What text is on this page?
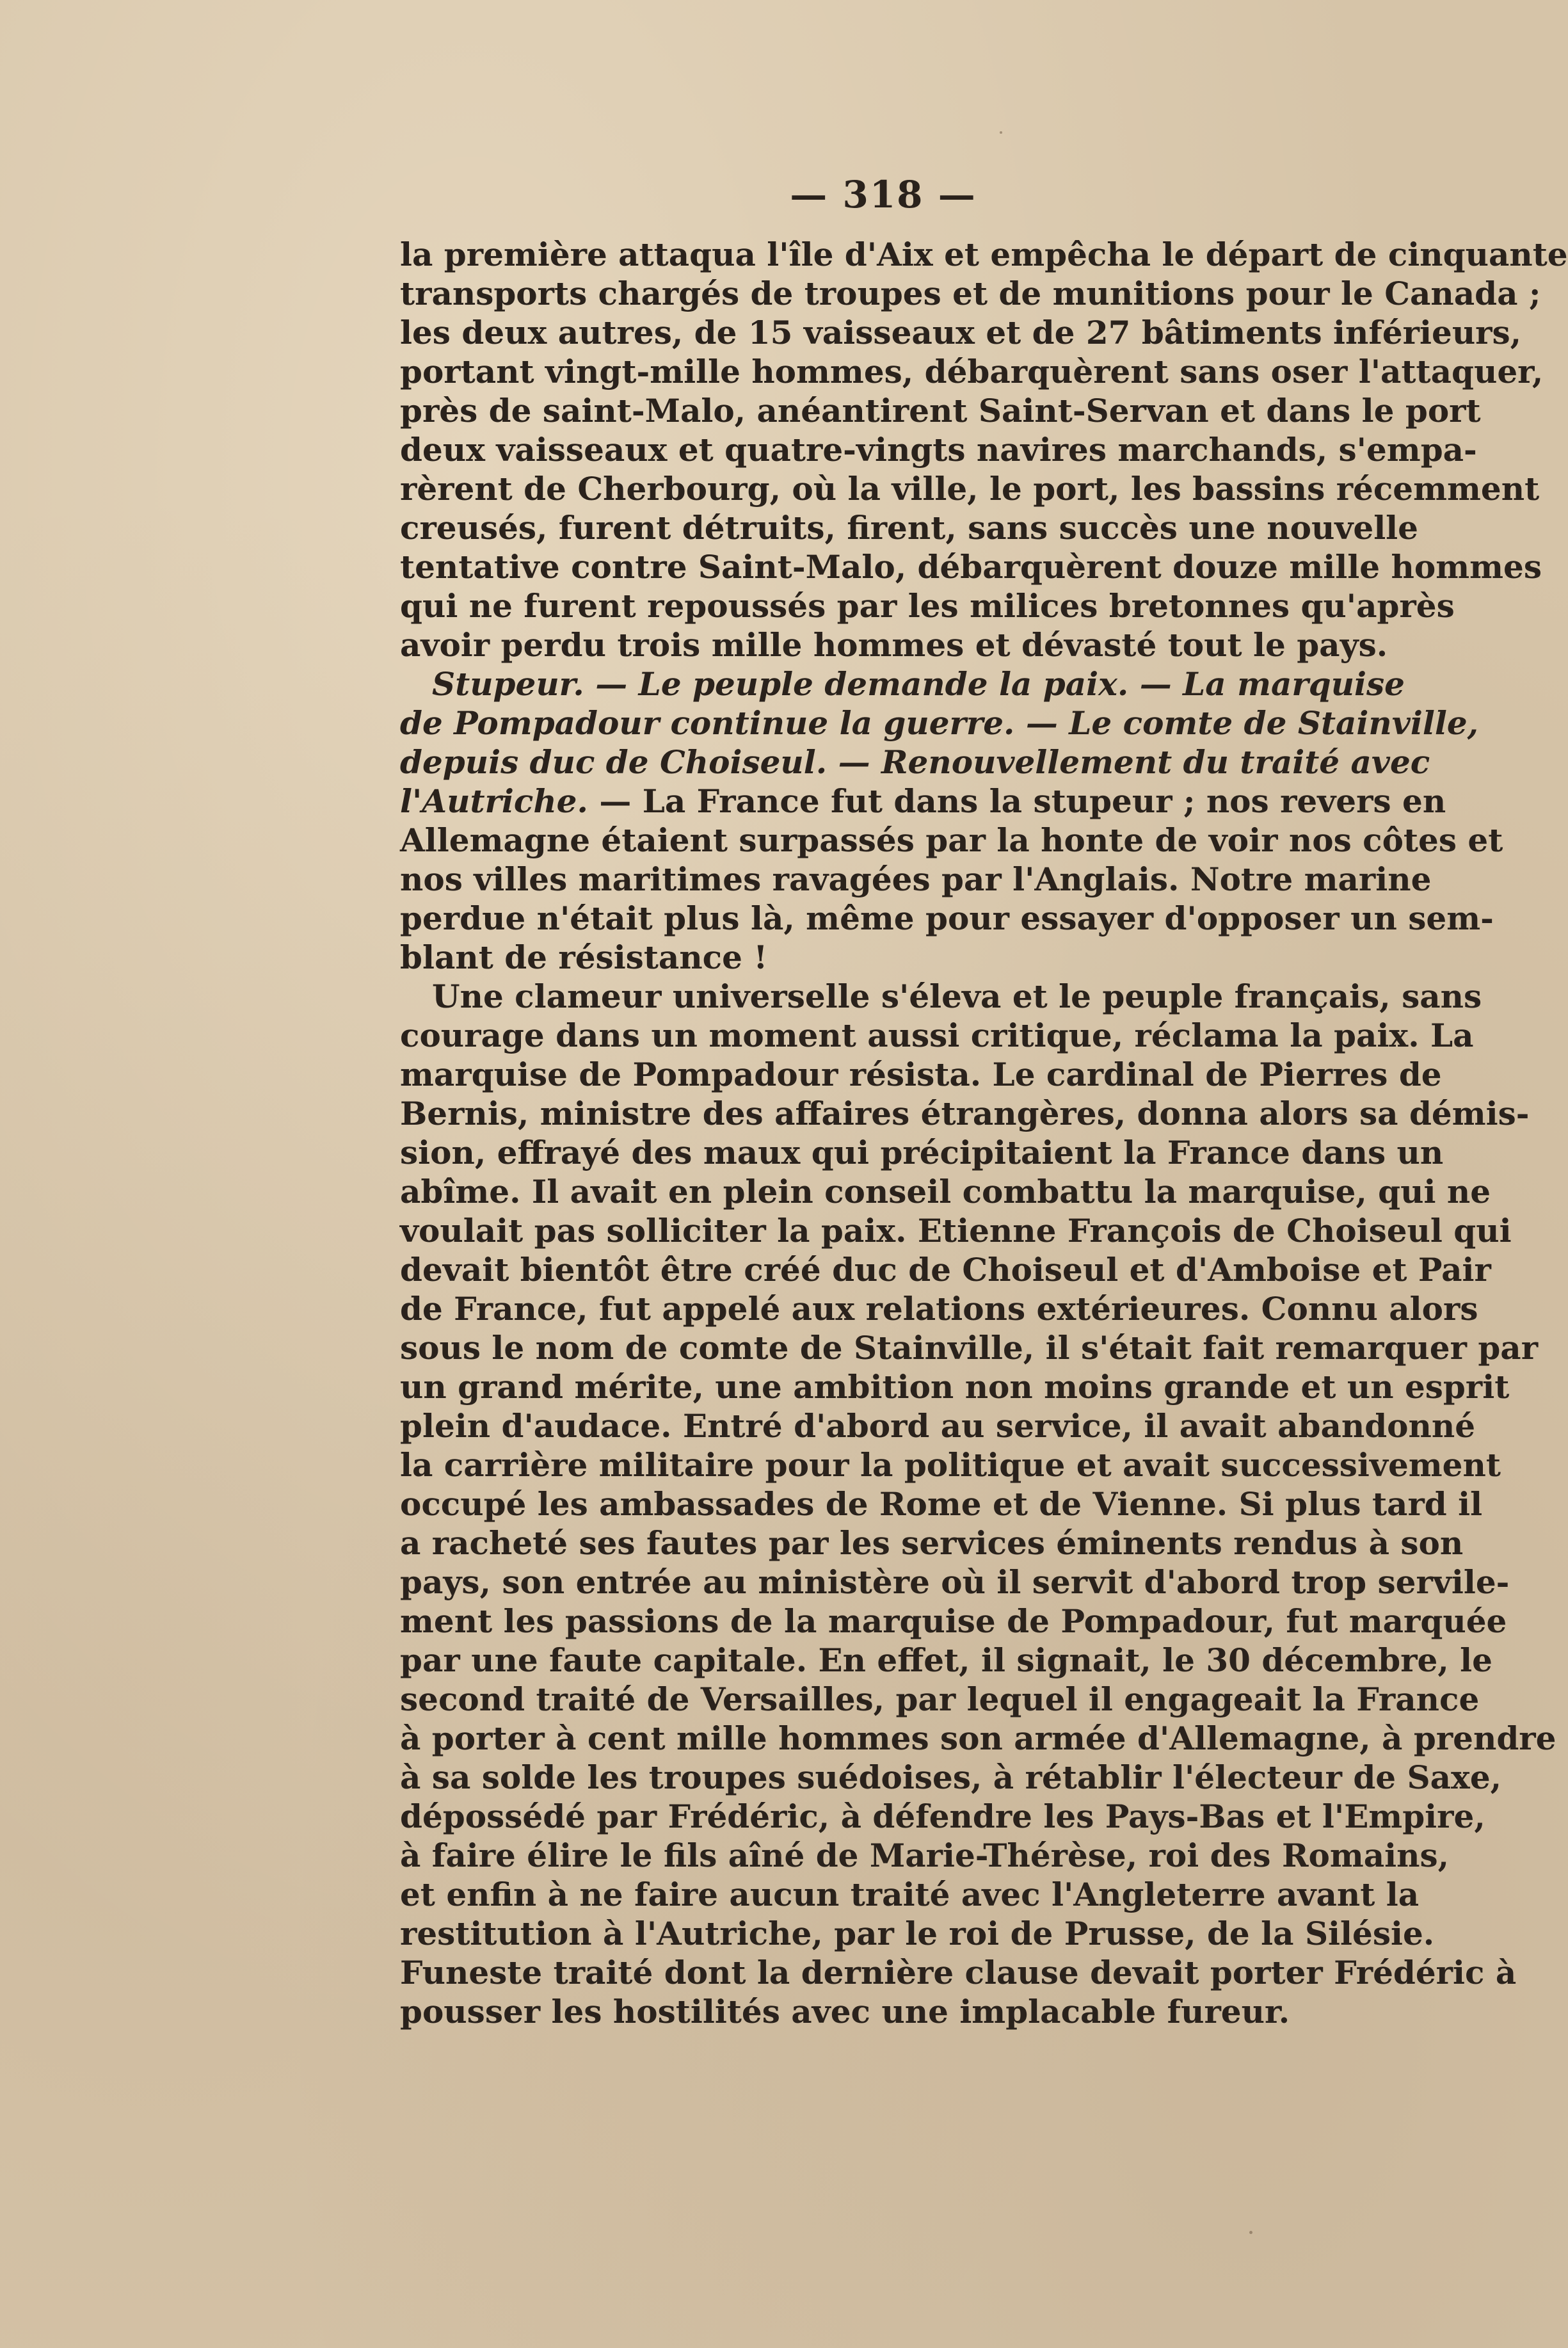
— 318 —
la première attaqua l'île d'Aix et empêcha le départ de cinquante
transports chargés de troupes et de munitions pour le Canada ;
les deux autres, de 15 vaisseaux et de 27 bâtiments inférieurs,
portant vingt-mille hommes, débarquèrent sans oser l'attaquer,
près de saint-Malo, anéantirent Saint-Servan et dans le port
deux vaisseaux et quatre-vingts navires marchands, s'empa-
rèrent de Cherbourg, où la ville, le port, les bassins récemment
creusés, furent détruits, firent, sans succès une nouvelle
tentative contre Saint-Malo, débarquèrent douze mille hommes
qui ne furent repoussés par les milices bretonnes qu'après
avoir perdu trois mille hommes et dévasté tout le pays.
Stupeur. — Le peuple demande la paix. — La marquise
de Pompadour continue la guerre. — Le comte de Stainville,
depuis duc de Choiseul. — Renouvellement du traité avec
l'Autriche. — La France fut dans la stupeur ; nos revers en
Allemagne étaient surpassés par la honte de voir nos côtes et
nos villes maritimes ravagées par l'Anglais. Notre marine
perdue n'était plus là, même pour essayer d'opposer un sem-
blant de résistance !
Une clameur universelle s'éleva et le peuple français, sans
courage dans un moment aussi critique, réclama la paix. La
marquise de Pompadour résista. Le cardinal de Pierres de
Bernis, ministre des affaires étrangères, donna alors sa démis-
sion, effrayé des maux qui précipitaient la France dans un
abîme. Il avait en plein conseil combattu la marquise, qui ne
voulait pas solliciter la paix. Etienne François de Choiseul qui
devait bientôt être créé duc de Choiseul et d'Amboise et Pair
de France, fut appelé aux relations extérieures. Connu alors
sous le nom de comte de Stainville, il s'était fait remarquer par
un grand mérite, une ambition non moins grande et un esprit
plein d'audace. Entré d'abord au service, il avait abandonné
la carrière militaire pour la politique et avait successivement
occupé les ambassades de Rome et de Vienne. Si plus tard il
a racheté ses fautes par les services éminents rendus à son
pays, son entrée au ministère où il servit d'abord trop servile-
ment les passions de la marquise de Pompadour, fut marquée
par une faute capitale. En effet, il signait, le 30 décembre, le
second traité de Versailles, par lequel il engageait la France
à porter à cent mille hommes son armée d'Allemagne, à prendre
à sa solde les troupes suédoises, à rétablir l'électeur de Saxe,
dépossédé par Frédéric, à défendre les Pays-Bas et l'Empire,
à faire élire le fils aîné de Marie-Thérèse, roi des Romains,
et enfin à ne faire aucun traité avec l'Angleterre avant la
restitution à l'Autriche, par le roi de Prusse, de la Silésie.
Funeste traité dont la dernière clause devait porter Frédéric à
pousser les hostilités avec une implacable fureur.
